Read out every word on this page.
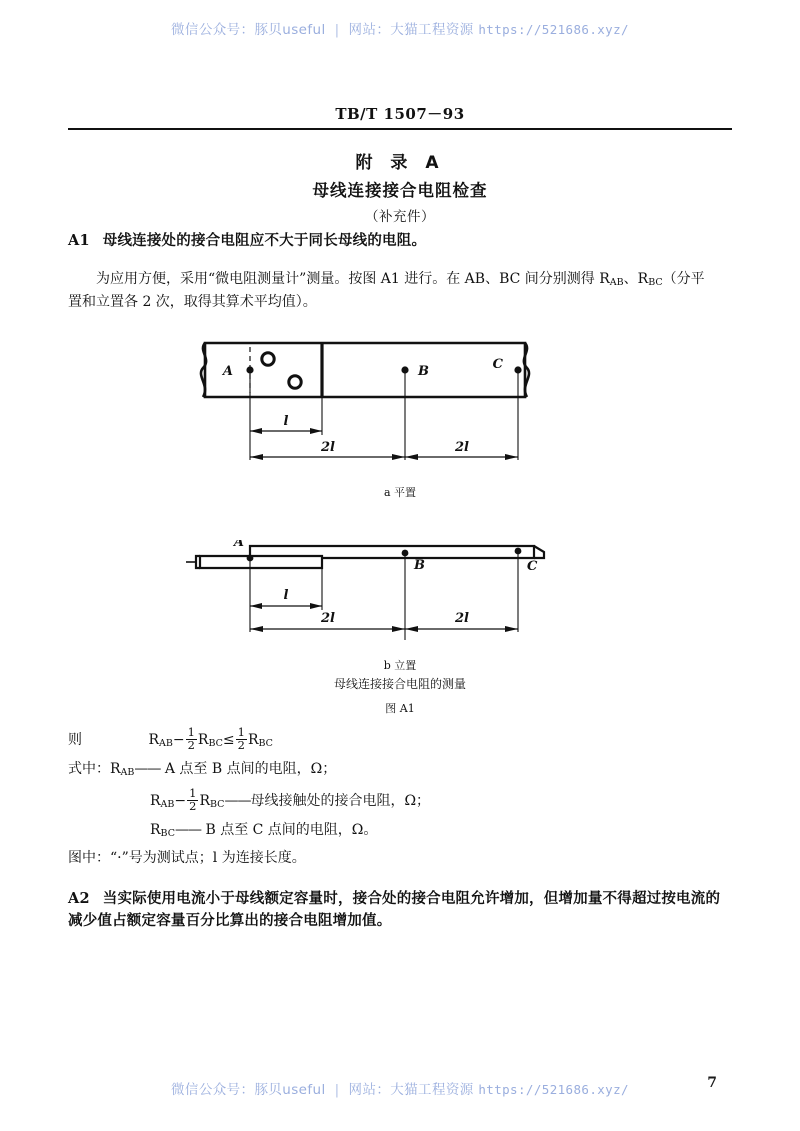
微信公众号：豚贝useful | 网站：大猫工程资源 https://521686.xyz/
TB/T 1507－93
附 录 A
母线连接接合电阻检查
（补充件）
A1 母线连接处的接合电阻应不大于同长母线的电阻。
为应用方便，采用“微电阻测量计”测量。按图 A1 进行。在 AB、BC 间分别测得 $R_{AB}$、$R_{BC}$（分平置和立置各 2 次，取得其算术平均值）。
A	B	C
l
2l	2l
a 平置
A
B	C
l
2l	2l
b 立置
母线连接接合电阻的测量
图 A1
则	$R_{AB}- \frac{1}{2} R_{BC}\le \frac{1}{2} R_{BC}$
式中：$R_{AB}——$ A 点至 B 点间的电阻，Ω；
$R_{AB}- \frac{1}{2}$ $R_{BC}——$母线接触处的接合电阻，Ω；
$R_{BC}——$ B 点至 C 点间的电阻，Ω。
图中：“·”号为测试点；l 为连接长度。
A2 当实际使用电流小于母线额定容量时，接合处的接合电阻允许增加，但增加量不得超过按电流的减少值占额定容量百分比算出的接合电阻增加值。
微信公众号：豚贝useful | 网站：大猫工程资源 https://521686.xyz/	7
